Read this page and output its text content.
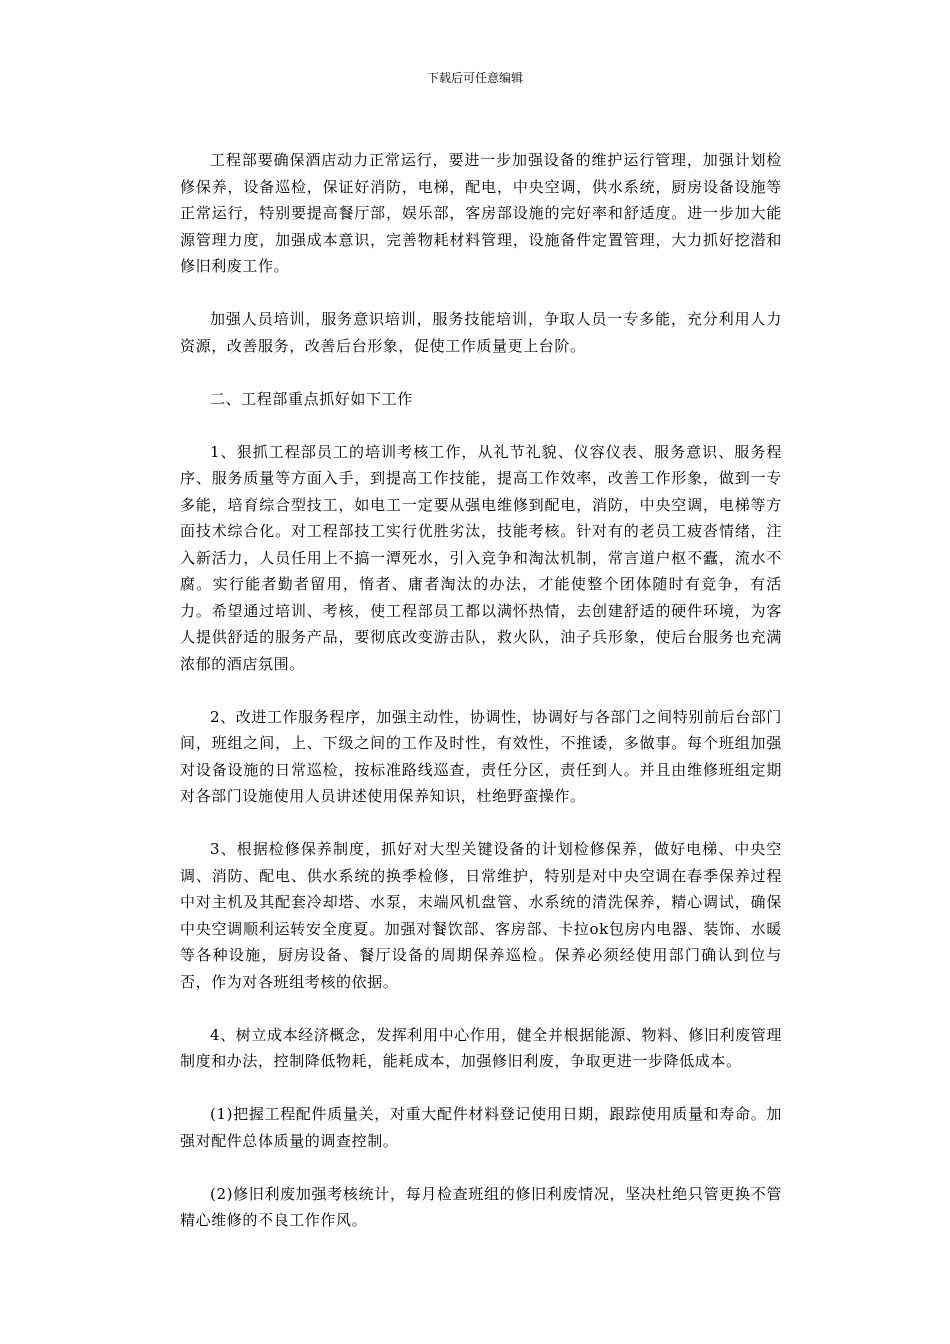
下载后可任意编辑

工程部要确保酒店动力正常运行，要进一步加强设备的维护运行管理，加强计划检修保养，设备巡检，保证好消防，电梯，配电，中央空调，供水系统，厨房设备设施等正常运行，特别要提高餐厅部，娱乐部，客房部设施的完好率和舒适度。进一步加大能源管理力度，加强成本意识，完善物耗材料管理，设施备件定置管理，大力抓好挖潜和修旧利废工作。

加强人员培训，服务意识培训，服务技能培训，争取人员一专多能，充分利用人力资源，改善服务，改善后台形象，促使工作质量更上台阶。

二、工程部重点抓好如下工作

1、狠抓工程部员工的培训考核工作，从礼节礼貌、仪容仪表、服务意识、服务程序、服务质量等方面入手，到提高工作技能，提高工作效率，改善工作形象，做到一专多能，培育综合型技工，如电工一定要从强电维修到配电，消防，中央空调，电梯等方面技术综合化。对工程部技工实行优胜劣汰，技能考核。针对有的老员工疲沓情绪，注入新活力，人员任用上不搞一潭死水，引入竞争和淘汰机制，常言道户枢不蠹，流水不腐。实行能者勤者留用，惰者、庸者淘汰的办法，才能使整个团体随时有竞争，有活力。希望通过培训、考核，使工程部员工都以满怀热情，去创建舒适的硬件环境，为客人提供舒适的服务产品，要彻底改变游击队，救火队，油子兵形象，使后台服务也充满浓郁的酒店氛围。

2、改进工作服务程序，加强主动性，协调性，协调好与各部门之间特别前后台部门间，班组之间，上、下级之间的工作及时性，有效性，不推诿，多做事。每个班组加强对设备设施的日常巡检，按标准路线巡查，责任分区，责任到人。并且由维修班组定期对各部门设施使用人员讲述使用保养知识，杜绝野蛮操作。

3、根据检修保养制度，抓好对大型关键设备的计划检修保养，做好电梯、中央空调、消防、配电、供水系统的换季检修，日常维护，特别是对中央空调在春季保养过程中对主机及其配套冷却塔、水泵，末端风机盘管、水系统的清洗保养，精心调试，确保中央空调顺利运转安全度夏。加强对餐饮部、客房部、卡拉ok包房内电器、装饰、水暖等各种设施，厨房设备、餐厅设备的周期保养巡检。保养必须经使用部门确认到位与否，作为对各班组考核的依据。

4、树立成本经济概念，发挥利用中心作用，健全并根据能源、物料、修旧利废管理制度和办法，控制降低物耗，能耗成本，加强修旧利废，争取更进一步降低成本。

(1)把握工程配件质量关，对重大配件材料登记使用日期，跟踪使用质量和寿命。加强对配件总体质量的调查控制。

(2)修旧利废加强考核统计，每月检查班组的修旧利废情况，坚决杜绝只管更换不管精心维修的不良工作作风。
